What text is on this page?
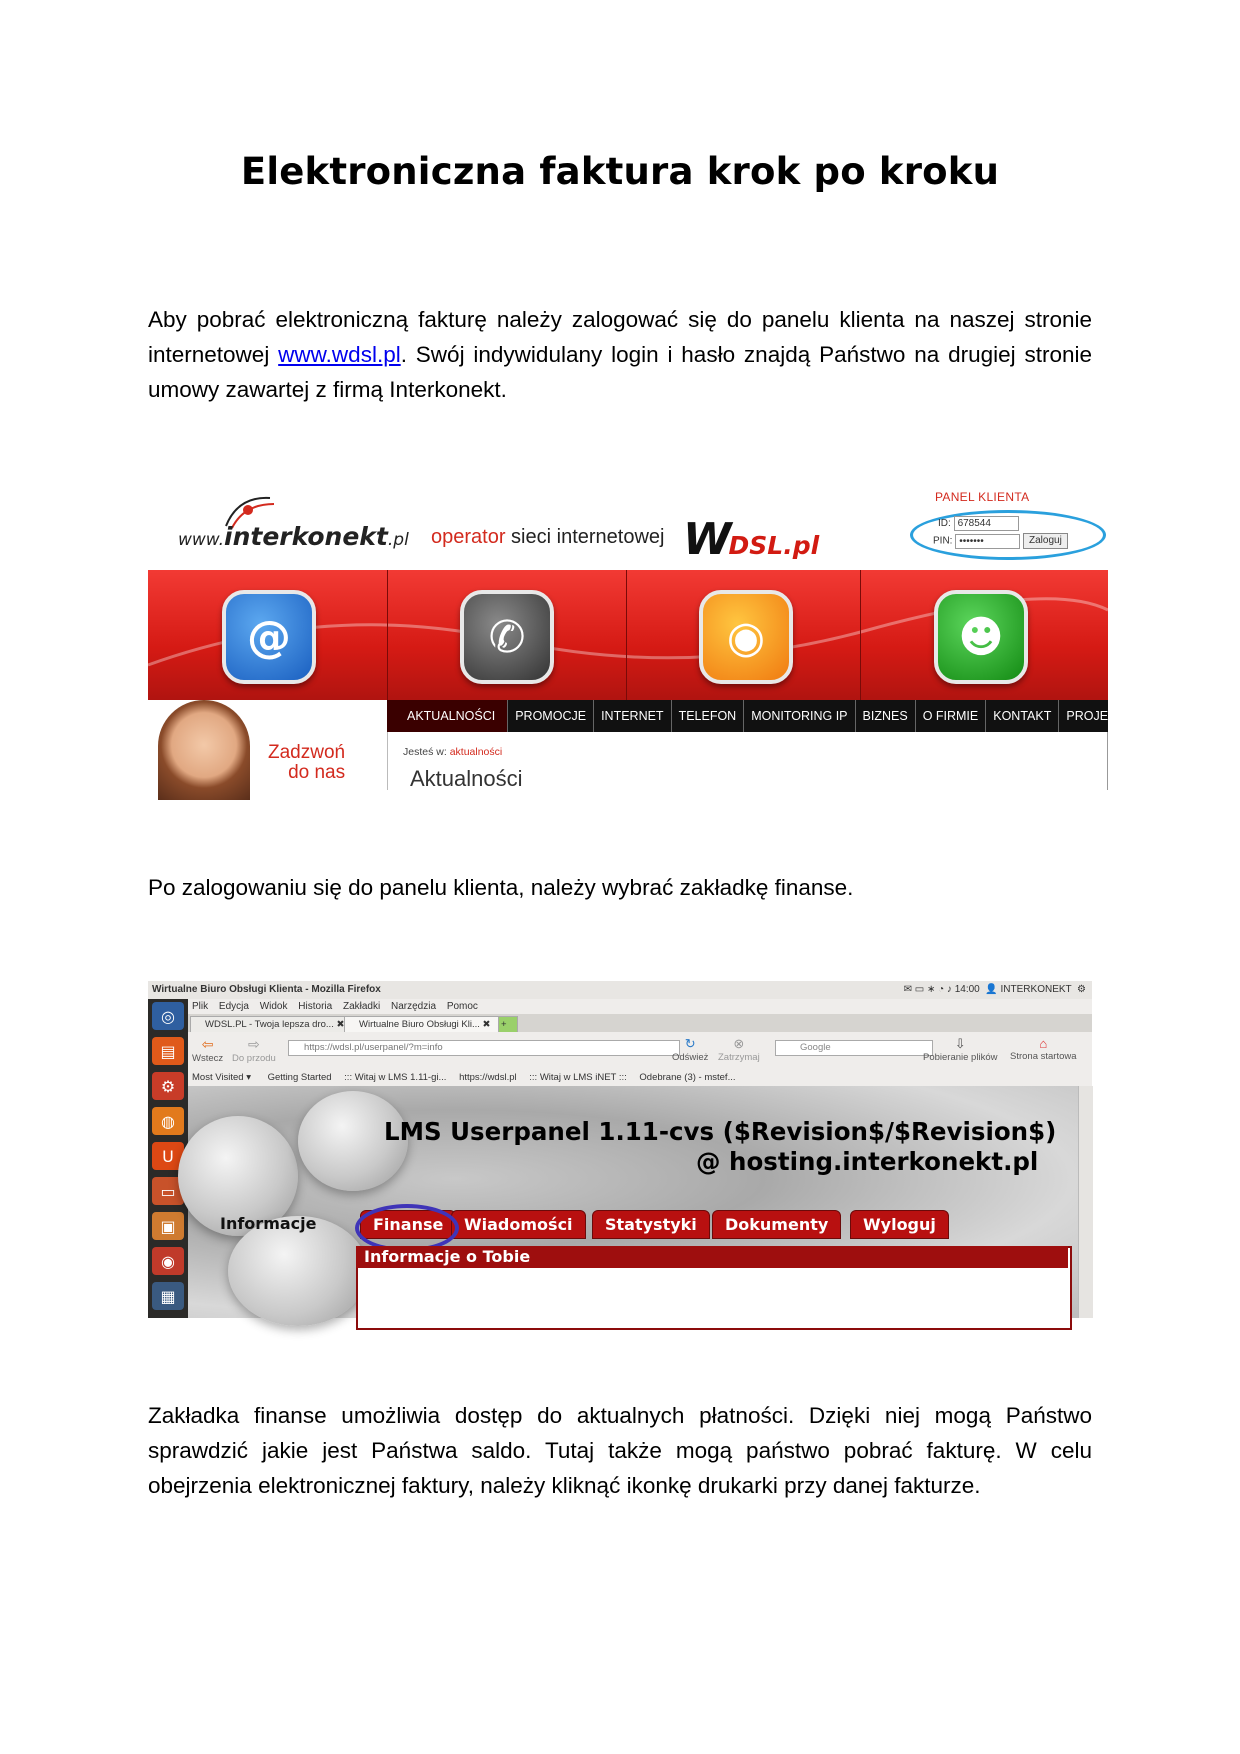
Elektroniczna faktura krok po kroku
Aby pobrać elektroniczną fakturę należy zalogować się do panelu klienta na naszej stronie internetowej www.wdsl.pl. Swój indywidulany login i hasło znajdą Państwo na drugiej stronie umowy zawartej z firmą Interkonekt.
www.interkonekt.pl operator sieci internetowej WDSL.pl
PANEL KLIENTA
ID: 678544
PIN: •••••••	Zaloguj
@	✆	◉	☻
Zadzwoń
do nas
AKTUALNOŚCI	PROMOCJE	INTERNET	TELEFON	MONITORING IP	BIZNES	O FIRMIE	KONTAKT	PROJEKTY UE
Jesteś w: aktualności
Aktualności
Po zalogowaniu się do panelu klienta, należy wybrać zakładkę finanse.
Wirtualne Biuro Obsługi Klienta - Mozilla Firefox	✉ ▭ ∗ ◔ ♪ 14:00  👤 INTERKONEKT  ⚙
◎
▤
⚙
◍
U
▭
▣
◉
▦
Plik Edycja Widok Historia Zakładki Narzędzia Pomoc
WDSL.PL - Twoja lepsza dro... ✖	Wirtualne Biuro Obsługi Kli... ✖	+
⇦
Wstecz
⇨
Do przodu
https://wdsl.pl/userpanel/?m=info	↻
Odśwież
⊗
Zatrzymaj
Google	⇩
Pobieranie plików
⌂
Strona startowa
Most Visited ▾ Getting Started ::: Witaj w LMS 1.11-gi... https://wdsl.pl ::: Witaj w LMS iNET ::: Odebrane (3) - mstef...
LMS Userpanel 1.11-cvs ($Revision$/$Revision$)
@ hosting.interkonekt.pl
Informacje	Finanse	Wiadomości	Statystyki	Dokumenty	Wyloguj
Informacje o Tobie
Zakładka finanse umożliwia dostęp do aktualnych płatności. Dzięki niej mogą Państwo sprawdzić jakie jest Państwa saldo. Tutaj także mogą państwo pobrać fakturę. W celu obejrzenia elektronicznej faktury, należy kliknąć ikonkę drukarki przy danej fakturze.
